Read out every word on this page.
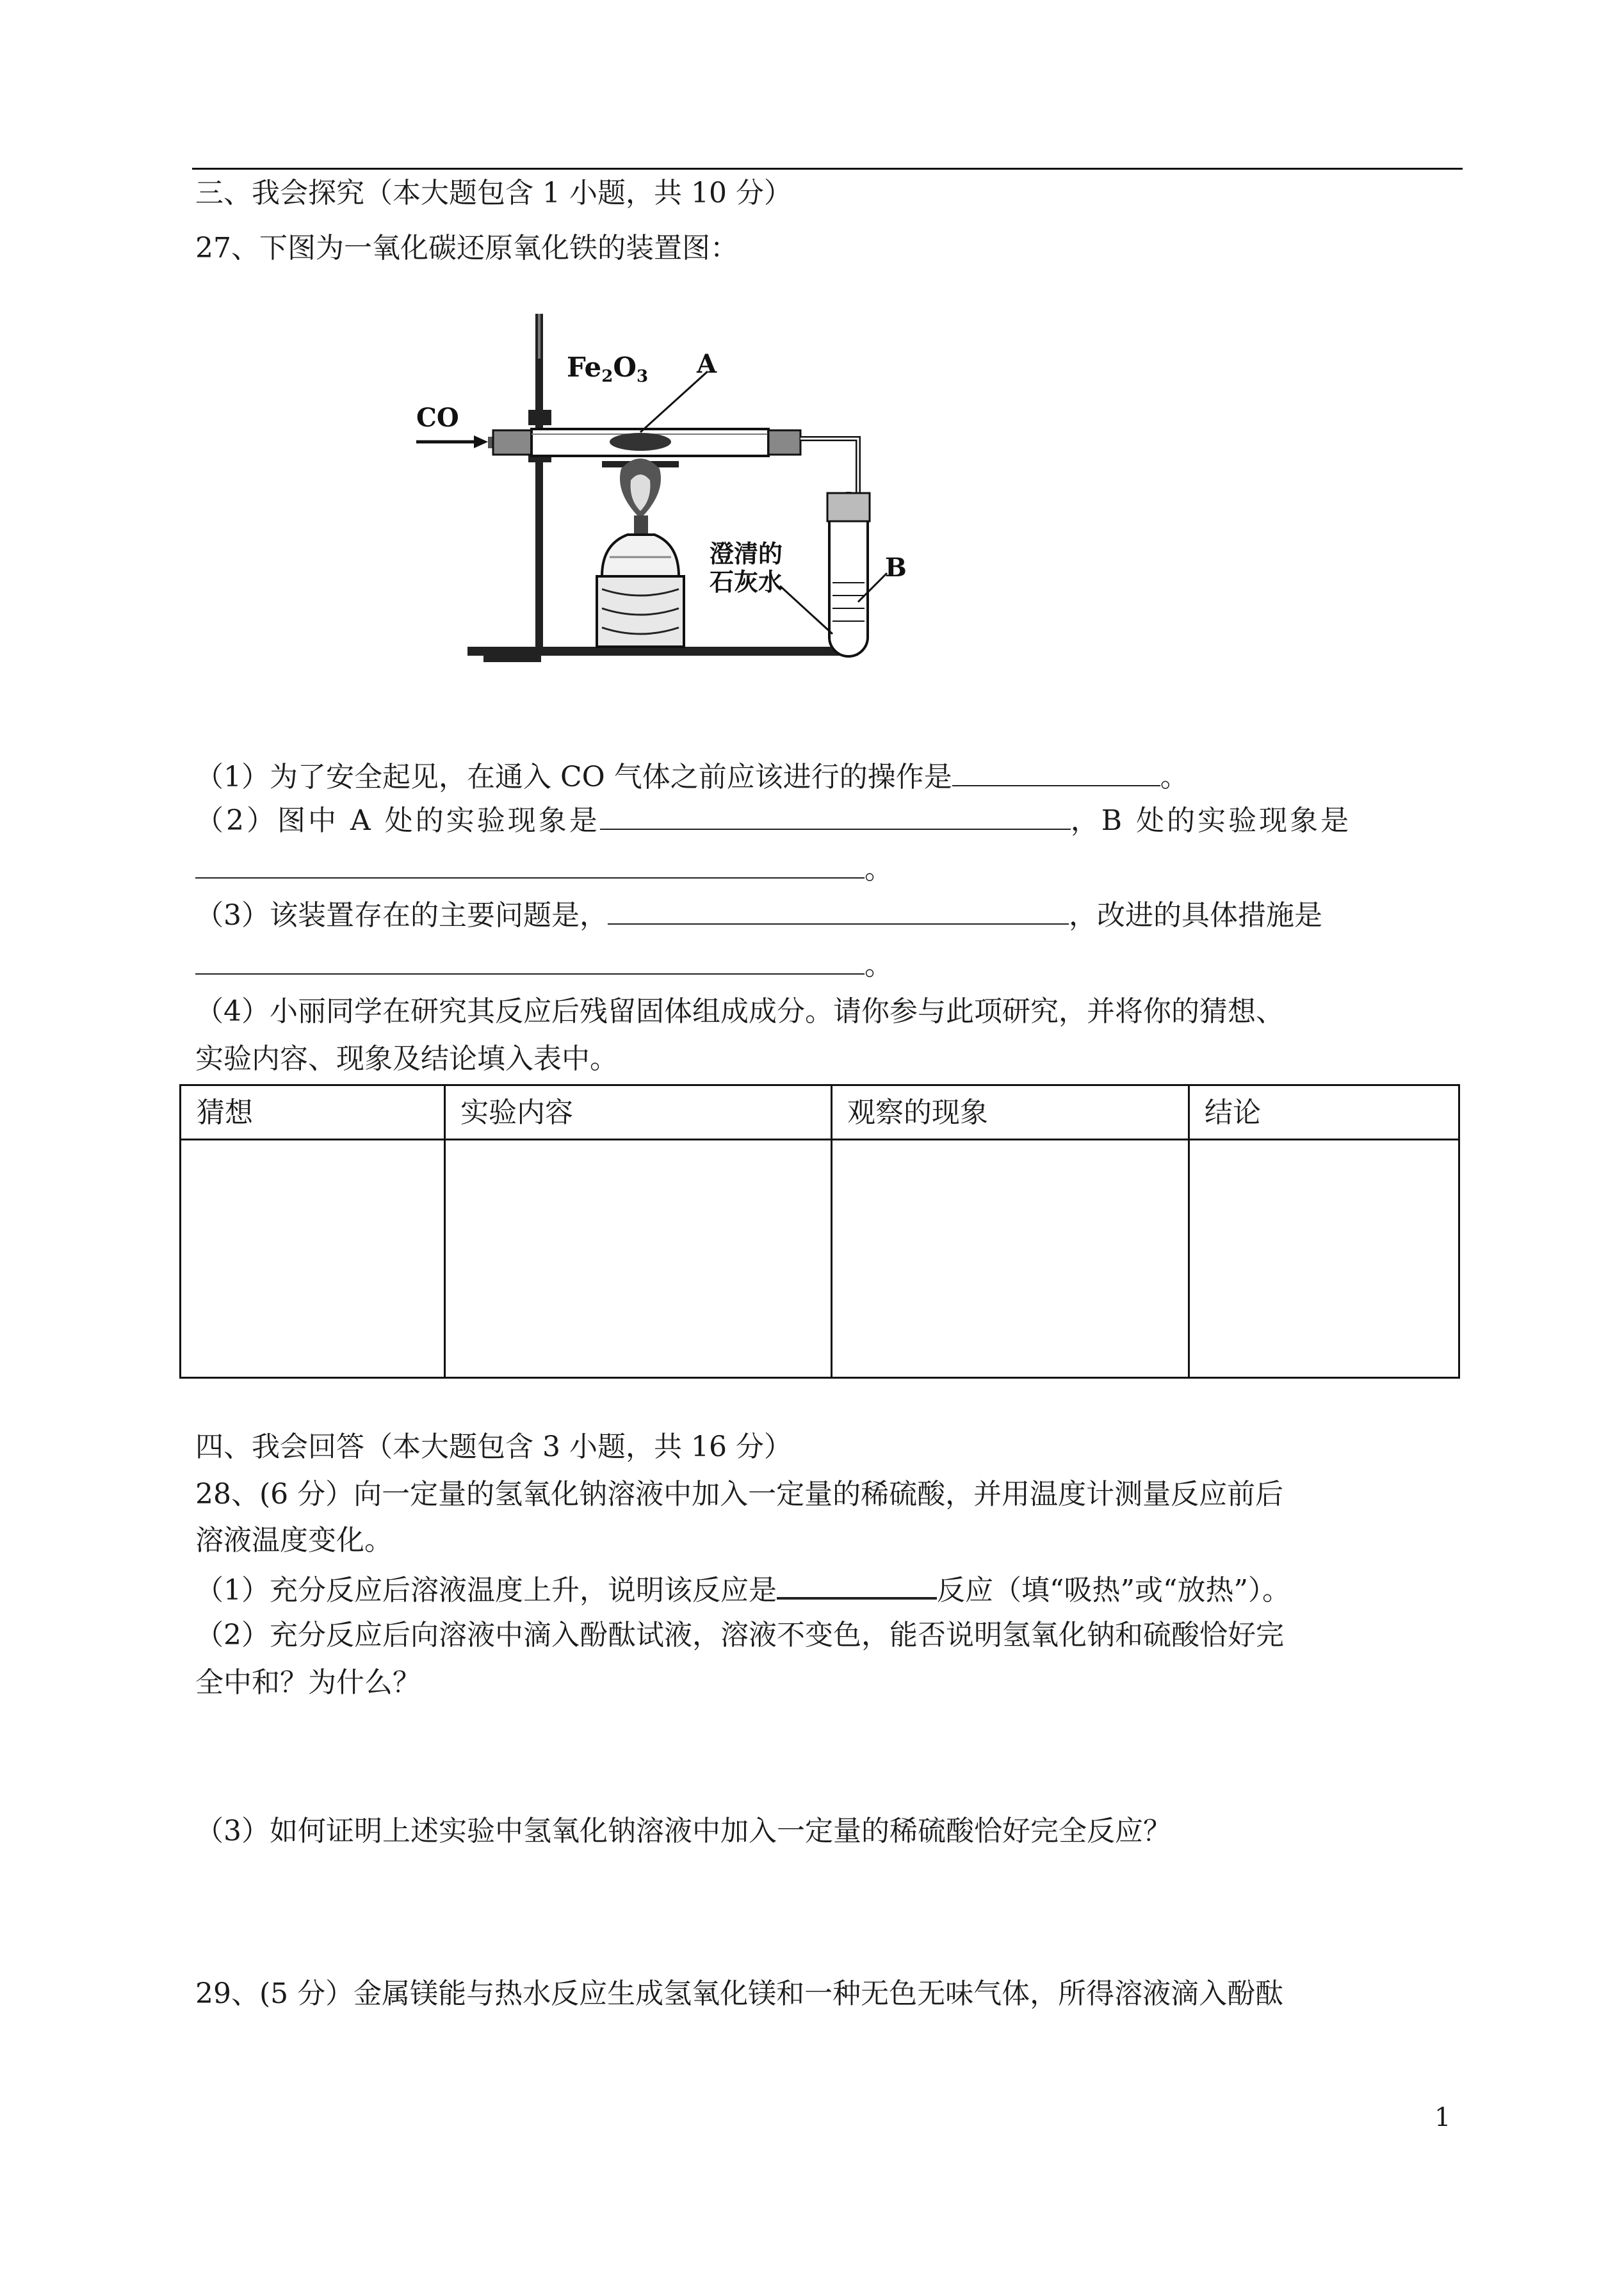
三、我会探究（本大题包含 1 小题，共 10 分）
27、下图为一氧化碳还原氧化铁的装置图：
Fe2O3 A
CO
澄清的
石灰水	B
（1）为了安全起见，在通入 CO 气体之前应该进行的操作是	。
（2）图中 A 处的实验现象是	，B 处的实验现象是
。
（3）该装置存在的主要问题是，	，改进的具体措施是
。
（4）小丽同学在研究其反应后残留固体组成成分。请你参与此项研究，并将你的猜想、
实验内容、现象及结论填入表中。
猜想	实验内容	观察的现象	结论
四、我会回答（本大题包含 3 小题，共 16 分）
28、(6 分）向一定量的氢氧化钠溶液中加入一定量的稀硫酸，并用温度计测量反应前后
溶液温度变化。
（1）充分反应后溶液温度上升，说明该反应是	反应（填“吸热”或“放热”）。
（2）充分反应后向溶液中滴入酚酞试液，溶液不变色，能否说明氢氧化钠和硫酸恰好完
全中和？为什么？
（3）如何证明上述实验中氢氧化钠溶液中加入一定量的稀硫酸恰好完全反应？
29、(5 分）金属镁能与热水反应生成氢氧化镁和一种无色无味气体，所得溶液滴入酚酞
1
